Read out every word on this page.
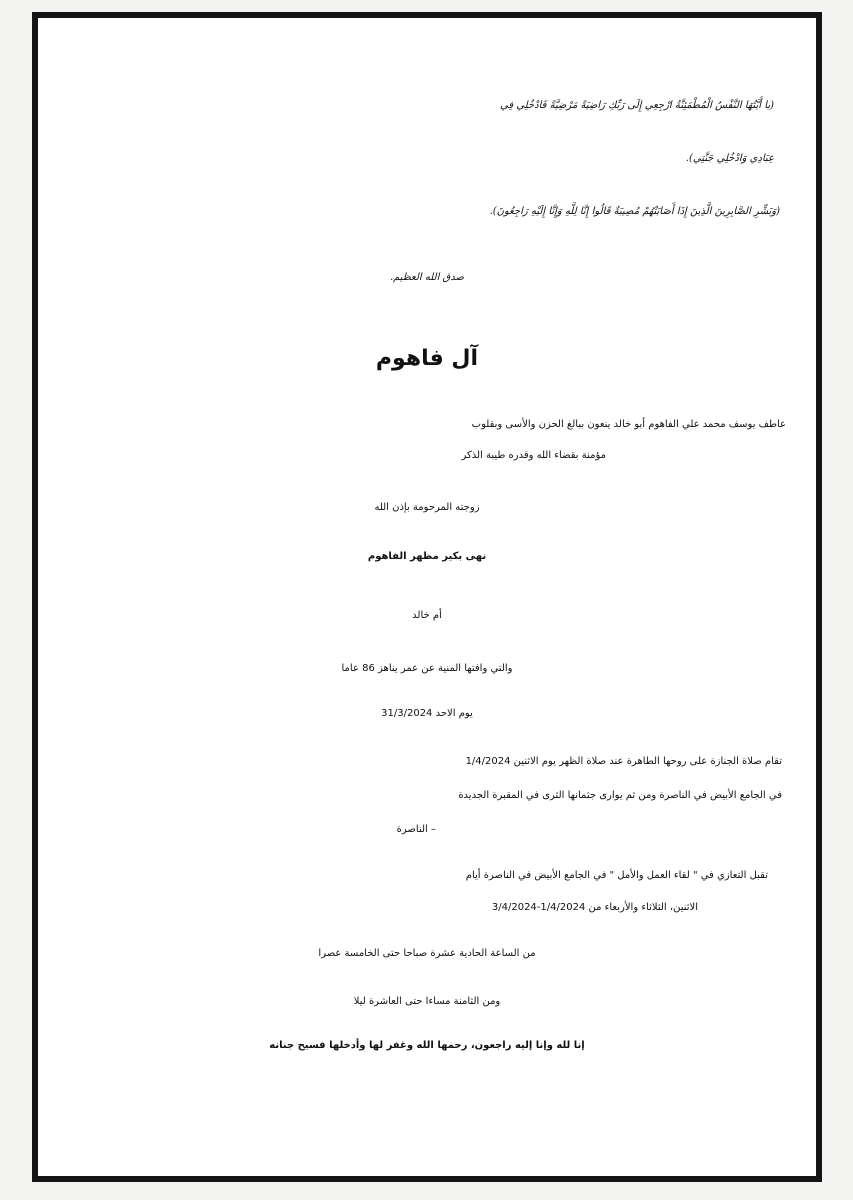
(يا أَيَّتُهَا النَّفْسُ الْمُطْمَئِنَّةُ ارْجِعِي إِلَى رَبِّكِ رَاضِيَةً مَرْضِيَّةً فَادْخُلِي فِي
عِبَادِي وَادْخُلِي جَنَّتِي).
(وَبَشِّرِ الصَّابِرِينَ الَّذِينَ إِذَا أَصَابَتْهُمْ مُصِيبَةٌ قَالُوا إِنَّا لِلَّهِ وَإِنَّا إِلَيْهِ رَاجِعُونَ).
صدق الله العظيم.
آل فاهوم
عاطف يوسف محمد علي الفاهوم أبو خالد ينعون ببالغ الحزن والأسى وبقلوب
مؤمنة بقضاء الله وقدره طيبة الذكر
زوجته المرحومة بإذن الله
نهى بكير مظهر الفاهوم
أم خالد
والتي وافتها المنية عن عمر يناهز 86 عاما
يوم الاحد 31/3/2024
تقام صلاة الجنازة على روحها الطاهرة عند صلاة الظهر يوم الاثنين 1/4/2024
في الجامع الأبيض في الناصرة ومن ثم يوارى جثمانها الثرى في المقبرة الجديدة
– الناصرة
تقبل التعازي في " لقاء العمل والأمل " في الجامع الأبيض في الناصرة أيام
الاثنين، الثلاثاء والأربعاء من 1/4/2024-3/4/2024
من الساعة الحادية عشرة صباحا حتى الخامسة عصرا
ومن الثامنة مساءا حتى العاشرة ليلا
إنا لله وإنا إليه راجعون، رحمها الله وغفر لها وأدخلها فسيح جنانه
